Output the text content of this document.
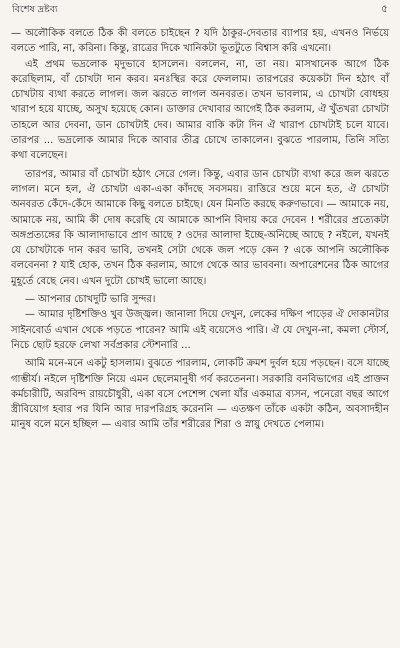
বিশেষ দ্রষ্টব্য	৫

— অলৌকিক বলতে ঠিক কী বলতে চাইছেন ? যদি ঠাকুর-দেবতার ব্যাপার হয়, এখনও নির্ভয়ে বলতে পারি, না, করিনা। কিন্তু, রাত্রের দিকে খানিকটা ভূতটুতে বিশ্বাস করি এখনো।

এই প্রথম ভদ্রলোক মৃদুভাবে হাসলেন। বললেন, না, তা নয়। মাসখানেক আগে ঠিক করেছিলাম, বাঁ চোখটা দান করব। মনঃস্থির করে ফেললাম। তারপরের কয়েকটা দিন হঠাৎ বাঁ চোখটায় ব্যথা করতে লাগল। জল ঝরতে লাগল অনবরত। তখন ভাবলাম, এ চোখটা বোধহয় খারাপ হয়ে যাচ্ছে, অসুখ হয়েছে কোন। ডাক্তার দেখাবার আগেই ঠিক করলাম, ঐ খুঁতখরা চোখটা তাহলে আর দেবনা, ডান চোখটাই দেব। আমার বাকি কটা দিন ঐ খারাপ চোখটাই চলে যাবে। তারপর ... ভদ্রলোক আমার দিকে আবার তীব্র চোখে তাকালেন। বুঝতে পারলাম, তিনি সত্যি কথা বলেছেন।

তারপর, আমার বাঁ চোখটা হঠাৎ সেরে গেল। কিন্তু, এবার ডান চোখটা ব্যথা করে জল ঝরতে লাগল। মনে হল, ঐ চোখটা একা-একা কাঁদছে সবসময়। রাত্তিরে শুয়ে মনে হত, ঐ চোখটা অনবরত কেঁদে-কেঁদে আমাকে কিছু বলতে চাইছে। যেন মিনতি করছে করুণভাবে। — আমাকে নয়, আমাকে নয়, আমি কী দোষ করেছি যে আমাকে আপনি বিদায় করে দেবেন ! শরীরের প্রত্যেকটা অঙ্গপ্রত্যঙ্গের কি আলাদাভাবে প্রাণ আছে ? ওদের আলাদা ইচ্ছে-অনিচ্ছে আছে ? নইলে, যখনই যে চোখটাকে দান করব ভাবি, তখনই সেটা থেকে জল পড়ে কেন ? একে আপনি অলৌকিক বলবেননা ? যাই হোক, তখন ঠিক করলাম, আগে থেকে আর ভাববনা। অপারেশনের ঠিক আগের মুহূর্তে বেছে নেব। এখন দুটো চোখই ভালো আছে।

— আপনার চোখদুটি ভারি সুন্দর।

— আমার দৃষ্টিশক্তিও খুব উজ্জ্বল। জানালা দিয়ে দেখুন, লেকের দক্ষিণ পাড়ের ঐ দোকানটার সাইনবোর্ড এখান থেকে পড়তে পারেন? আমি এই বয়েসেও পারি। ঐ যে দেখুন-না, কমলা স্টোর্স, নিচে ছোট হরফে লেখা সর্বপ্রকার স্টেশনারি ...

আমি মনে-মনে একটু হাসলাম। বুঝতে পারলাম, লোকটি ক্রমশ দুর্বল হয়ে পড়ছেন। বসে যাচ্ছে গাম্ভীর্য। নইলে দৃষ্টিশক্তি নিয়ে এমন ছেলেমানুষী গর্ব করতেননা। সরকারি বনবিভাগের এই প্রাক্তন কর্মচারীটি, অরবিন্দ রায়চৌধুরী, একা বসে পেশেন্স খেলা যাঁর একমাত্র ব্যসন, পনেরো বছর আগে স্ত্রীবিয়োগ হবার পর যিনি আর দারপরিগ্রহ করেননি — এতক্ষণ তাঁকে একটা কঠিন, অবসাদহীন মানুষ বলে মনে হচ্ছিল — এবার আমি তাঁর শরীরের শিরা ও স্নায়ু দেখতে পেলাম।
